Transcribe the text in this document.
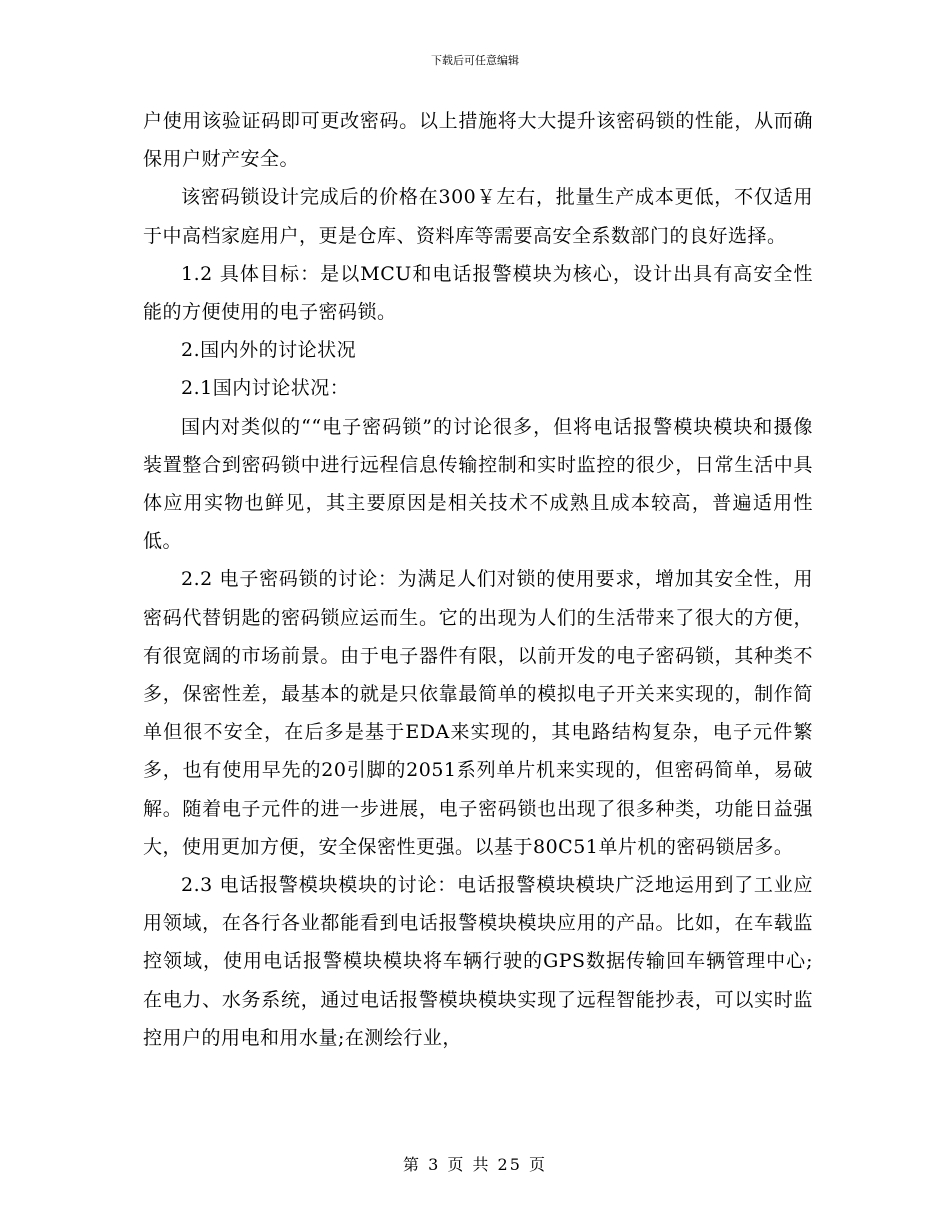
下载后可任意编辑

户使用该验证码即可更改密码。以上措施将大大提升该密码锁的性能，从而确保用户财产安全。

该密码锁设计完成后的价格在300￥左右，批量生产成本更低，不仅适用于中高档家庭用户，更是仓库、资料库等需要高安全系数部门的良好选择。

1.2 具体目标：是以MCU和电话报警模块为核心，设计出具有高安全性能的方便使用的电子密码锁。

2.国内外的讨论状况

2.1国内讨论状况：

国内对类似的““电子密码锁”的讨论很多，但将电话报警模块模块和摄像装置整合到密码锁中进行远程信息传输控制和实时监控的很少，日常生活中具体应用实物也鲜见，其主要原因是相关技术不成熟且成本较高，普遍适用性低。

2.2 电子密码锁的讨论：为满足人们对锁的使用要求，增加其安全性，用密码代替钥匙的密码锁应运而生。它的出现为人们的生活带来了很大的方便，有很宽阔的市场前景。由于电子器件有限，以前开发的电子密码锁，其种类不多，保密性差，最基本的就是只依靠最简单的模拟电子开关来实现的，制作简单但很不安全，在后多是基于EDA来实现的，其电路结构复杂，电子元件繁多，也有使用早先的20引脚的2051系列单片机来实现的，但密码简单，易破解。随着电子元件的进一步进展，电子密码锁也出现了很多种类，功能日益强大，使用更加方便，安全保密性更强。以基于80C51单片机的密码锁居多。

2.3 电话报警模块模块的讨论：电话报警模块模块广泛地运用到了工业应用领域，在各行各业都能看到电话报警模块模块应用的产品。比如，在车载监控领域，使用电话报警模块模块将车辆行驶的GPS数据传输回车辆管理中心;在电力、水务系统，通过电话报警模块模块实现了远程智能抄表，可以实时监控用户的用电和用水量;在测绘行业，

第 3 页 共 25 页
